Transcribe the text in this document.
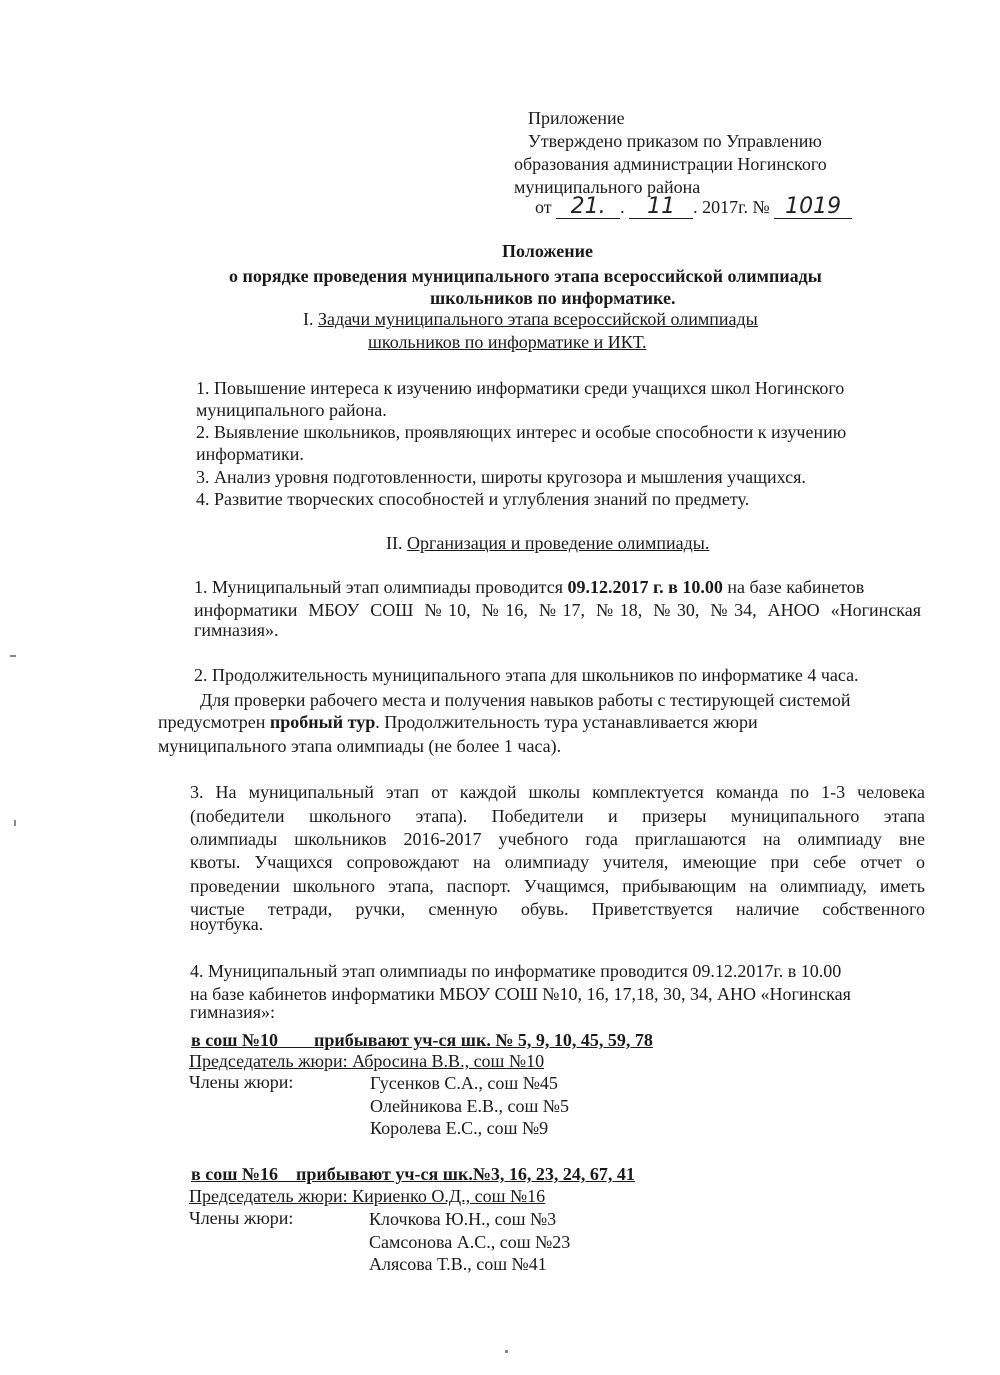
Приложение
Утверждено приказом по Управлению
образования администрации Ногинского
муниципального района
от 21. . 11 . 2017г. № 1019
Положение
о порядке проведения муниципального этапа всероссийской олимпиады
школьников по информатике.
I. Задачи муниципального этапа всероссийской олимпиады
школьников по информатике и ИКТ.
1. Повышение интереса к изучению информатики среди учащихся школ Ногинского
муниципального района.
2. Выявление школьников, проявляющих интерес и особые способности к изучению
информатики.
3. Анализ уровня подготовленности, широты кругозора и мышления учащихся.
4. Развитие творческих способностей и углубления знаний по предмету.
II. Организация и проведение олимпиады.
1. Муниципальный этап олимпиады проводится 09.12.2017 г. в 10.00 на базе кабинетов
информатики МБОУ СОШ №10, №16, №17, №18, №30, №34, АНОО «Ногинская
гимназия».
2. Продолжительность муниципального этапа для школьников по информатике 4 часа.
Для проверки рабочего места и получения навыков работы с тестирующей системой
предусмотрен пробный тур. Продолжительность тура устанавливается жюри
муниципального этапа олимпиады (не более 1 часа).
3. На муниципальный этап от каждой школы комплектуется команда по 1-3 человека
(победители школьного этапа). Победители и призеры муниципального этапа
олимпиады школьников 2016-2017 учебного года приглашаются на олимпиаду вне
квоты. Учащихся сопровождают на олимпиаду учителя, имеющие при себе отчет о
проведении школьного этапа, паспорт. Учащимся, прибывающим на олимпиаду, иметь
чистые тетради, ручки, сменную обувь. Приветствуется наличие собственного
ноутбука.
4. Муниципальный этап олимпиады по информатике проводится 09.12.2017г. в 10.00
на базе кабинетов информатики МБОУ СОШ №10, 16, 17,18, 30, 34, АНО «Ногинская
гимназия»:
в сош №10        прибывают уч-ся шк. № 5, 9, 10, 45, 59, 78
Председатель жюри: Абросина В.В., сош №10
Члены жюри:	Гусенков С.А., сош №45
Олейникова Е.В., сош №5
Королева Е.С., сош №9
в сош №16    прибывают уч-ся шк.№3, 16, 23, 24, 67, 41
Председатель жюри: Кириенко О.Д., сош №16
Члены жюри:	Клочкова Ю.Н., сош №3
Самсонова А.С., сош №23
Алясова Т.В., сош №41
